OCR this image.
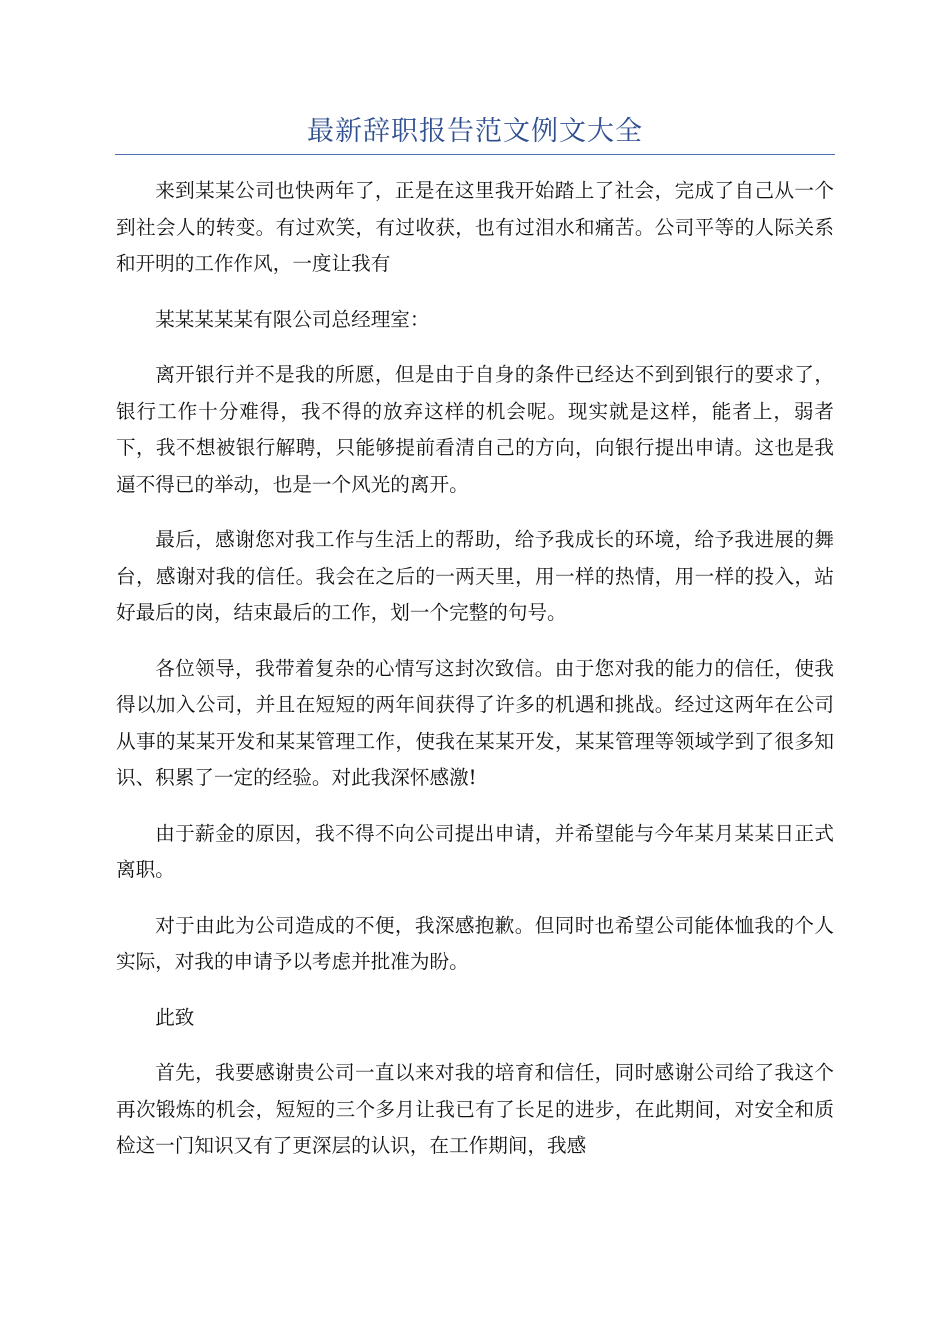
最新辞职报告范文例文大全

来到某某公司也快两年了，正是在这里我开始踏上了社会，完成了自己从一个到社会人的转变。有过欢笑，有过收获，也有过泪水和痛苦。公司平等的人际关系和开明的工作作风，一度让我有

某某某某某有限公司总经理室：

离开银行并不是我的所愿，但是由于自身的条件已经达不到到银行的要求了，银行工作十分难得，我不得的放弃这样的机会呢。现实就是这样，能者上，弱者下，我不想被银行解聘，只能够提前看清自己的方向，向银行提出申请。这也是我逼不得已的举动，也是一个风光的离开。

最后，感谢您对我工作与生活上的帮助，给予我成长的环境，给予我进展的舞台，感谢对我的信任。我会在之后的一两天里，用一样的热情，用一样的投入，站好最后的岗，结束最后的工作，划一个完整的句号。

各位领导，我带着复杂的心情写这封次致信。由于您对我的能力的信任，使我得以加入公司，并且在短短的两年间获得了许多的机遇和挑战。经过这两年在公司从事的某某开发和某某管理工作，使我在某某开发，某某管理等领域学到了很多知识、积累了一定的经验。对此我深怀感激!

由于薪金的原因，我不得不向公司提出申请，并希望能与今年某月某某日正式离职。

对于由此为公司造成的不便，我深感抱歉。但同时也希望公司能体恤我的个人实际，对我的申请予以考虑并批准为盼。

此致

首先，我要感谢贵公司一直以来对我的培育和信任，同时感谢公司给了我这个再次锻炼的机会，短短的三个多月让我已有了长足的进步，在此期间，对安全和质检这一门知识又有了更深层的认识，在工作期间，我感
